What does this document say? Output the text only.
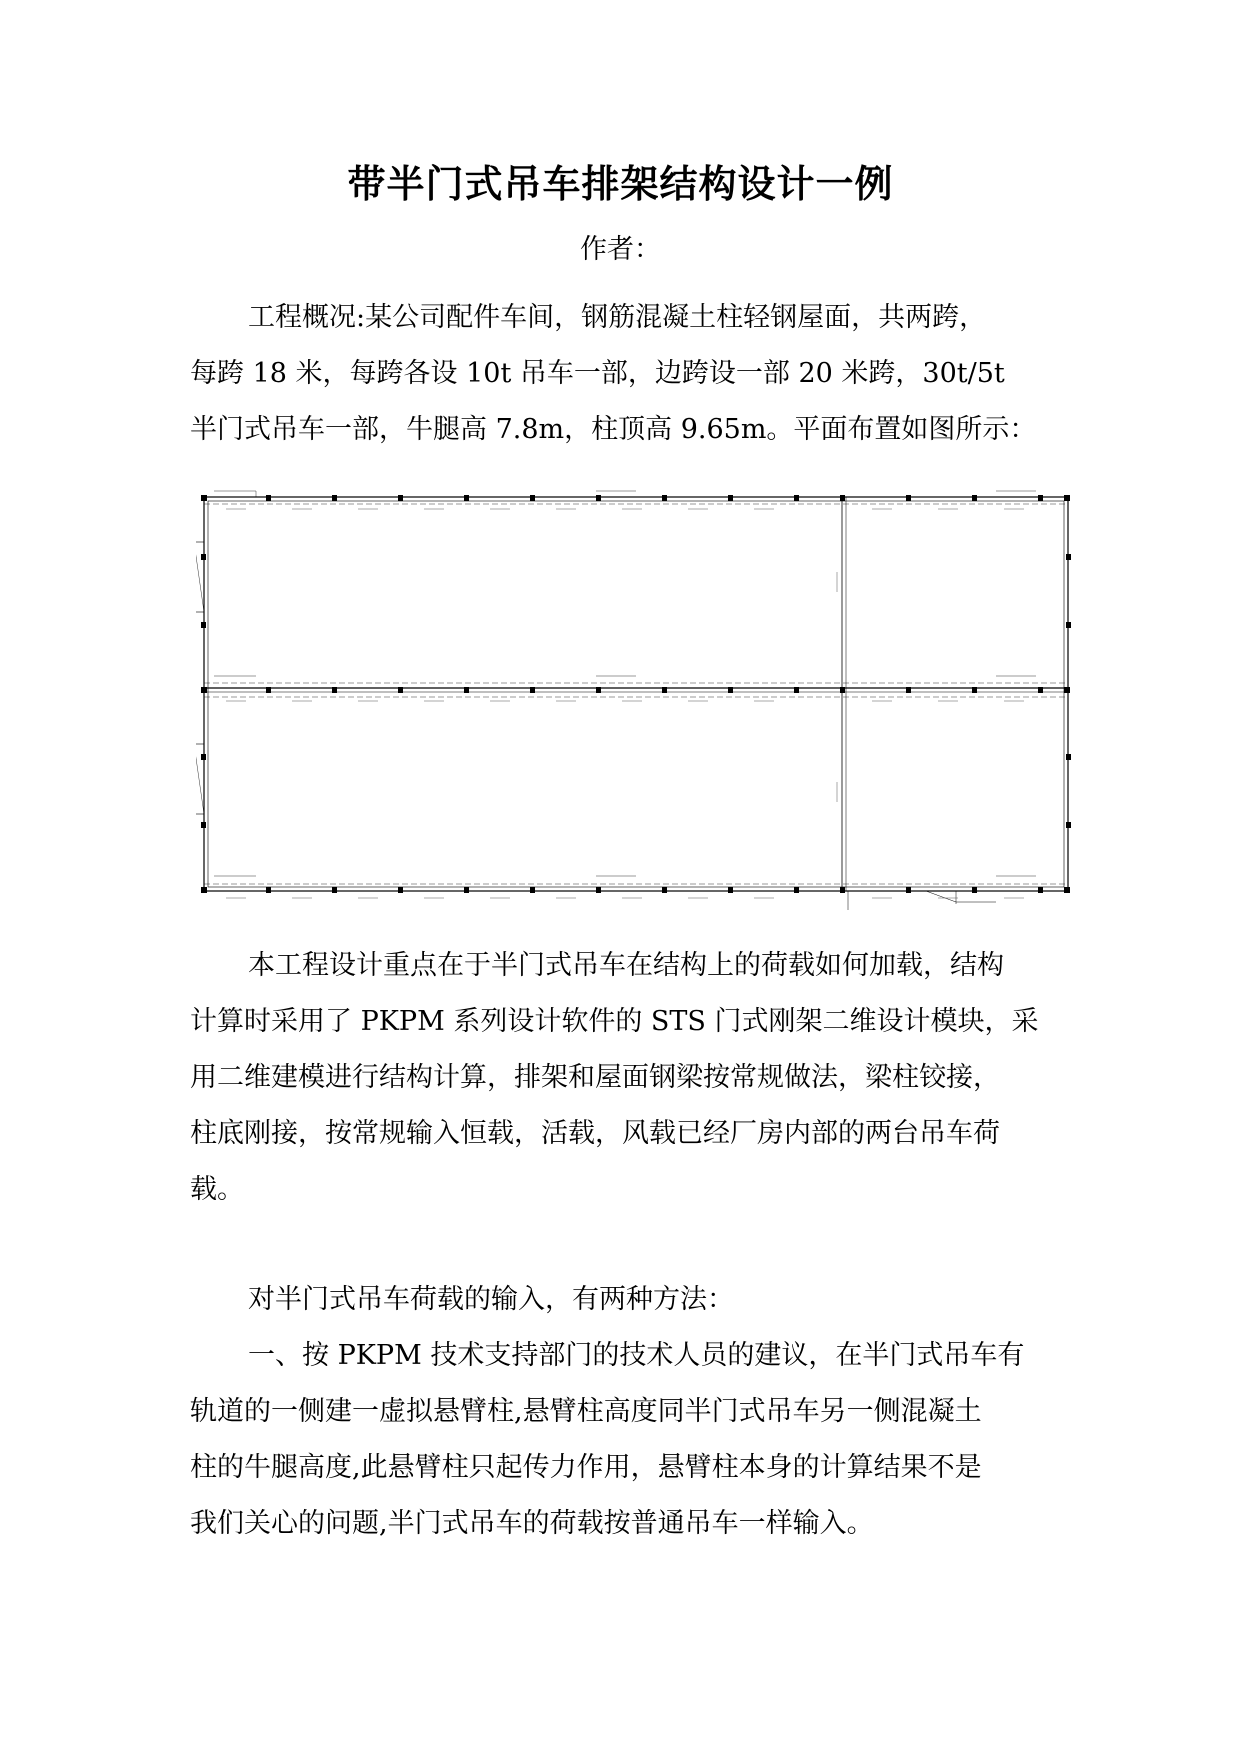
带半门式吊车排架结构设计一例
作者：
工程概况:某公司配件车间，钢筋混凝土柱轻钢屋面，共两跨，
每跨 18 米，每跨各设 10t 吊车一部，边跨设一部 20 米跨，30t/5t
半门式吊车一部，牛腿高 7.8m，柱顶高 9.65m。平面布置如图所示：
本工程设计重点在于半门式吊车在结构上的荷载如何加载，结构
计算时采用了 PKPM 系列设计软件的 STS 门式刚架二维设计模块，采
用二维建模进行结构计算，排架和屋面钢梁按常规做法，梁柱铰接，
柱底刚接，按常规输入恒载，活载，风载已经厂房内部的两台吊车荷
载。
对半门式吊车荷载的输入，有两种方法：
一、按 PKPM 技术支持部门的技术人员的建议，在半门式吊车有
轨道的一侧建一虚拟悬臂柱,悬臂柱高度同半门式吊车另一侧混凝土
柱的牛腿高度,此悬臂柱只起传力作用，悬臂柱本身的计算结果不是
我们关心的问题,半门式吊车的荷载按普通吊车一样输入。
